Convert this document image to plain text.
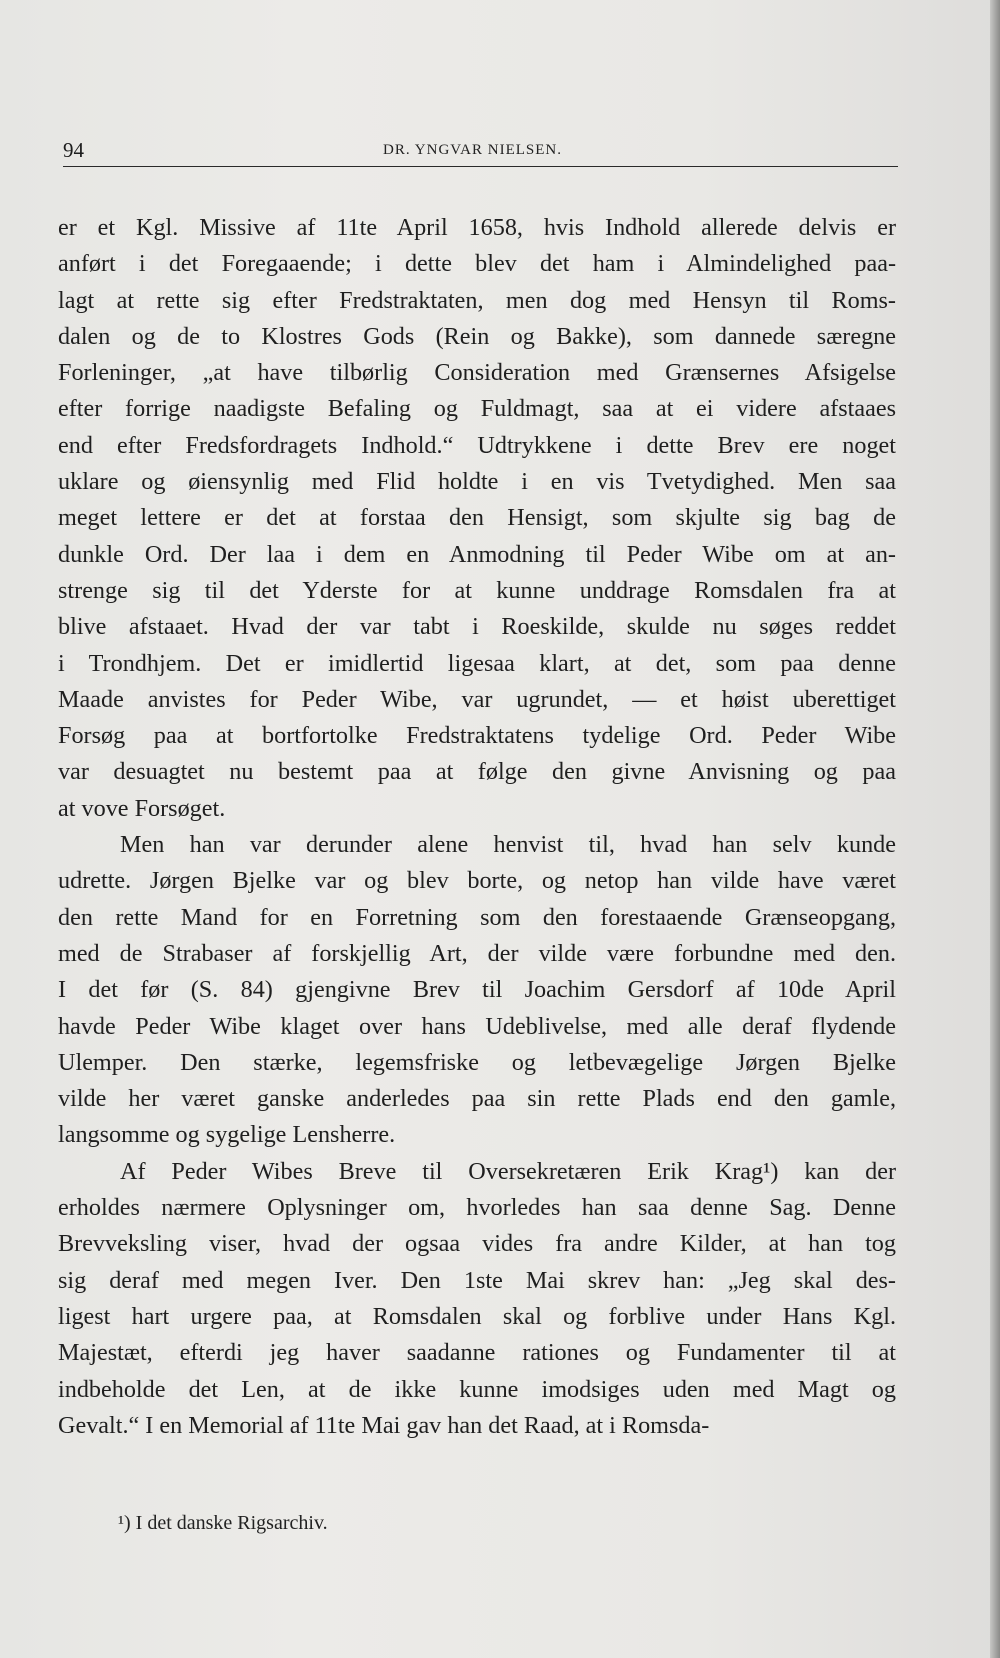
94	DR. YNGVAR NIELSEN.
er et Kgl. Missive af 11te April 1658, hvis Indhold allerede delvis er
anført i det Foregaaende; i dette blev det ham i Almindelighed paa-
lagt at rette sig efter Fredstraktaten, men dog med Hensyn til Roms-
dalen og de to Klostres Gods (Rein og Bakke), som dannede særegne
Forleninger, „at have tilbørlig Consideration med Grænsernes Afsigelse
efter forrige naadigste Befaling og Fuldmagt, saa at ei videre afstaaes
end efter Fredsfordragets Indhold.“ Udtrykkene i dette Brev ere noget
uklare og øiensynlig med Flid holdte i en vis Tvetydighed. Men saa
meget lettere er det at forstaa den Hensigt, som skjulte sig bag de
dunkle Ord. Der laa i dem en Anmodning til Peder Wibe om at an-
strenge sig til det Yderste for at kunne unddrage Romsdalen fra at
blive afstaaet. Hvad der var tabt i Roeskilde, skulde nu søges reddet
i Trondhjem. Det er imidlertid ligesaa klart, at det, som paa denne
Maade anvistes for Peder Wibe, var ugrundet, — et høist uberettiget
Forsøg paa at bortfortolke Fredstraktatens tydelige Ord. Peder Wibe
var desuagtet nu bestemt paa at følge den givne Anvisning og paa
at vove Forsøget.
Men han var derunder alene henvist til, hvad han selv kunde
udrette. Jørgen Bjelke var og blev borte, og netop han vilde have været
den rette Mand for en Forretning som den forestaaende Grænseopgang,
med de Strabaser af forskjellig Art, der vilde være forbundne med den.
I det før (S. 84) gjengivne Brev til Joachim Gersdorf af 10de April
havde Peder Wibe klaget over hans Udeblivelse, med alle deraf flydende
Ulemper. Den stærke, legemsfriske og letbevægelige Jørgen Bjelke
vilde her været ganske anderledes paa sin rette Plads end den gamle,
langsomme og sygelige Lensherre.
Af Peder Wibes Breve til Oversekretæren Erik Krag¹) kan der
erholdes nærmere Oplysninger om, hvorledes han saa denne Sag. Denne
Brevveksling viser, hvad der ogsaa vides fra andre Kilder, at han tog
sig deraf med megen Iver. Den 1ste Mai skrev han: „Jeg skal des-
ligest hart urgere paa, at Romsdalen skal og forblive under Hans Kgl.
Majestæt, efterdi jeg haver saadanne rationes og Fundamenter til at
indbeholde det Len, at de ikke kunne imodsiges uden med Magt og
Gevalt.“ I en Memorial af 11te Mai gav han det Raad, at i Romsda-
¹) I det danske Rigsarchiv.
